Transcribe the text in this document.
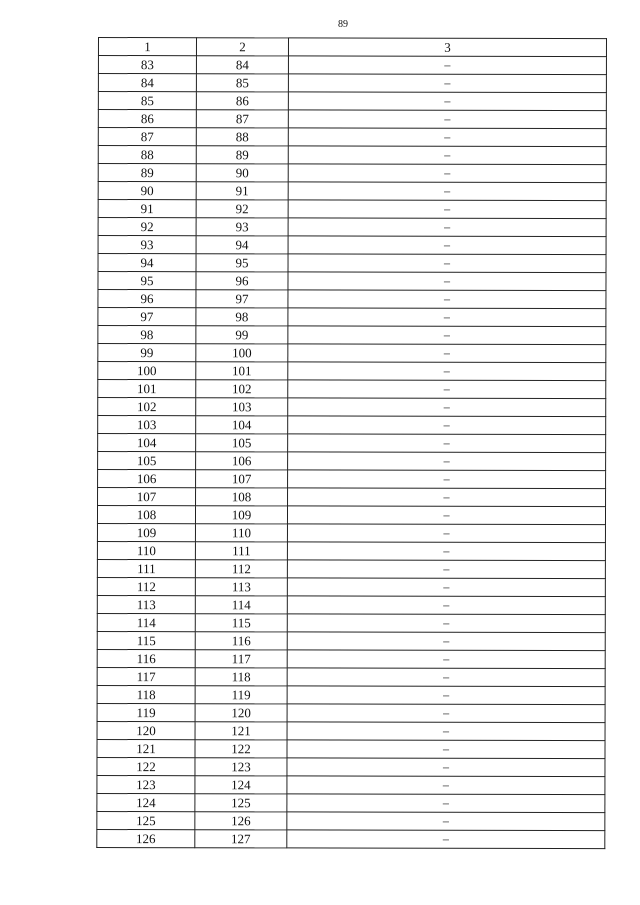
89
1	2	3
83	84	–
84	85	–
85	86	–
86	87	–
87	88	–
88	89	–
89	90	–
90	91	–
91	92	–
92	93	–
93	94	–
94	95	–
95	96	–
96	97	–
97	98	–
98	99	–
99	100	–
100	101	–
101	102	–
102	103	–
103	104	–
104	105	–
105	106	–
106	107	–
107	108	–
108	109	–
109	110	–
110	111	–
111	112	–
112	113	–
113	114	–
114	115	–
115	116	–
116	117	–
117	118	–
118	119	–
119	120	–
120	121	–
121	122	–
122	123	–
123	124	–
124	125	–
125	126	–
126	127	–
